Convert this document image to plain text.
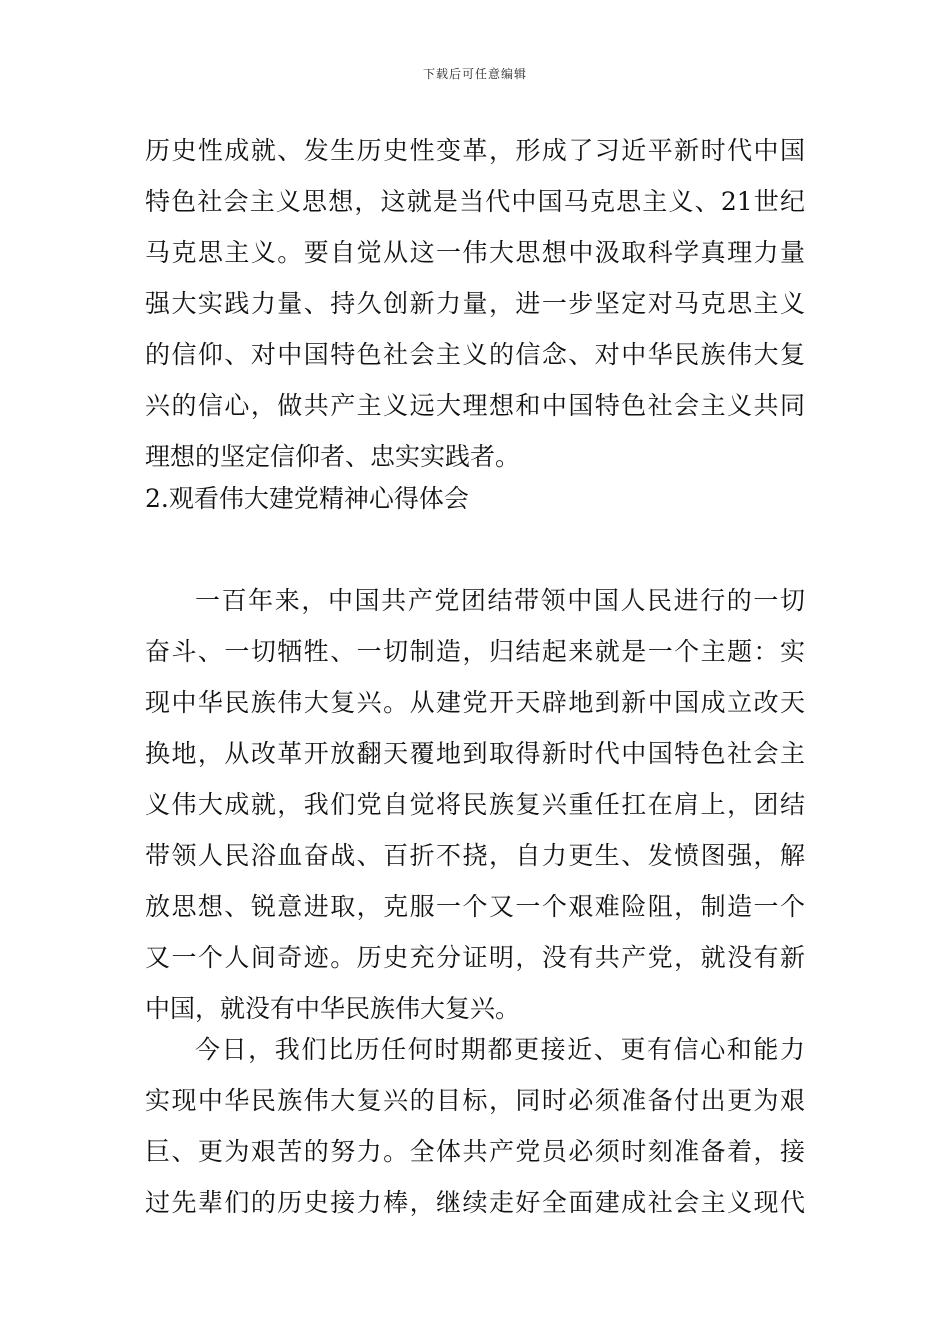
下载后可任意编辑
历史性成就、发生历史性变革，形成了习近平新时代中国
特色社会主义思想，这就是当代中国马克思主义、21世纪
马克思主义。要自觉从这一伟大思想中汲取科学真理力量
强大实践力量、持久创新力量，进一步坚定对马克思主义
的信仰、对中国特色社会主义的信念、对中华民族伟大复
兴的信心，做共产主义远大理想和中国特色社会主义共同
理想的坚定信仰者、忠实实践者。
2.观看伟大建党精神心得体会
一百年来，中国共产党团结带领中国人民进行的一切
奋斗、一切牺牲、一切制造，归结起来就是一个主题：实
现中华民族伟大复兴。从建党开天辟地到新中国成立改天
换地，从改革开放翻天覆地到取得新时代中国特色社会主
义伟大成就，我们党自觉将民族复兴重任扛在肩上，团结
带领人民浴血奋战、百折不挠，自力更生、发愤图强，解
放思想、锐意进取，克服一个又一个艰难险阻，制造一个
又一个人间奇迹。历史充分证明，没有共产党，就没有新
中国，就没有中华民族伟大复兴。
今日，我们比历任何时期都更接近、更有信心和能力
实现中华民族伟大复兴的目标，同时必须准备付出更为艰
巨、更为艰苦的努力。全体共产党员必须时刻准备着，接
过先辈们的历史接力棒，继续走好全面建成社会主义现代
